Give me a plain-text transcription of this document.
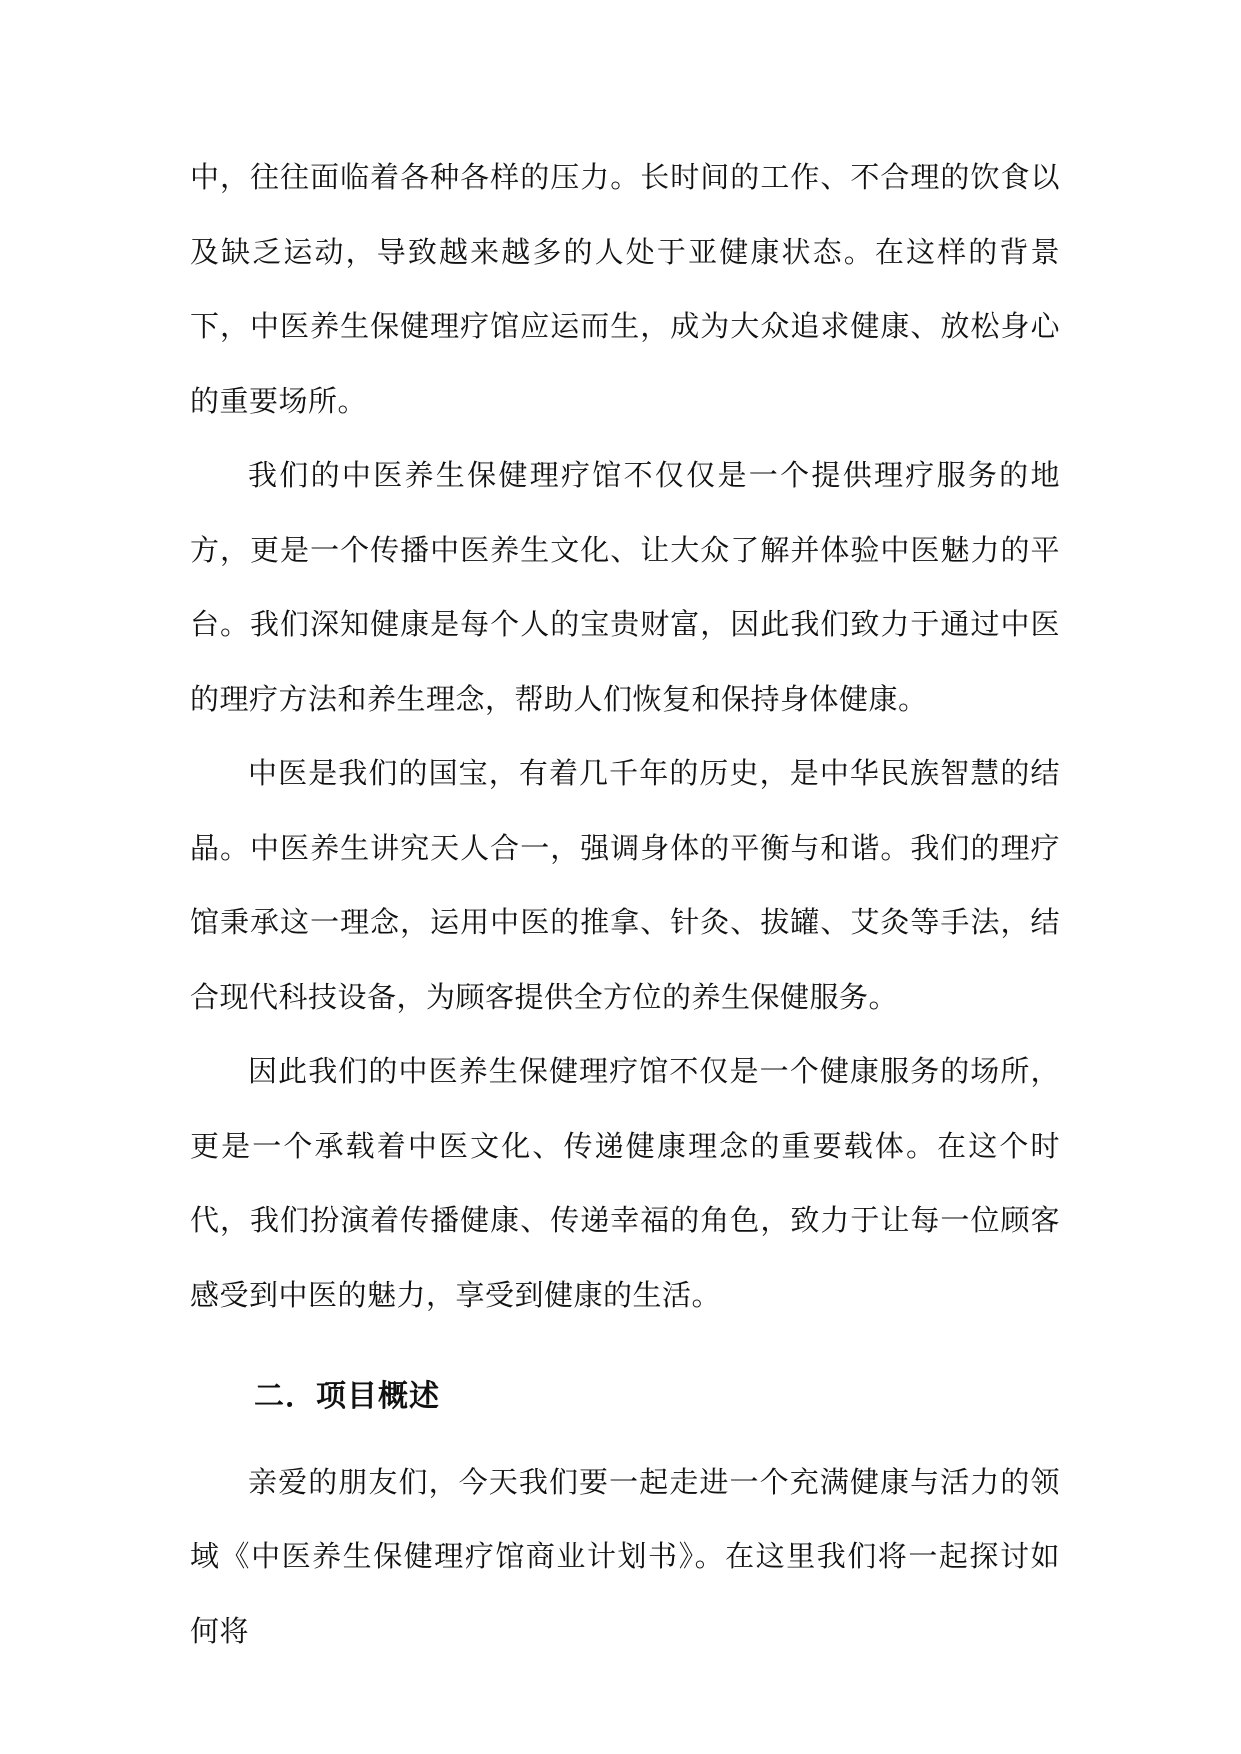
中，往往面临着各种各样的压力。长时间的工作、不合理的饮食以及缺乏运动，导致越来越多的人处于亚健康状态。在这样的背景下，中医养生保健理疗馆应运而生，成为大众追求健康、放松身心的重要场所。

我们的中医养生保健理疗馆不仅仅是一个提供理疗服务的地方，更是一个传播中医养生文化、让大众了解并体验中医魅力的平台。我们深知健康是每个人的宝贵财富，因此我们致力于通过中医的理疗方法和养生理念，帮助人们恢复和保持身体健康。

中医是我们的国宝，有着几千年的历史，是中华民族智慧的结晶。中医养生讲究天人合一，强调身体的平衡与和谐。我们的理疗馆秉承这一理念，运用中医的推拿、针灸、拔罐、艾灸等手法，结合现代科技设备，为顾客提供全方位的养生保健服务。

因此我们的中医养生保健理疗馆不仅是一个健康服务的场所，更是一个承载着中医文化、传递健康理念的重要载体。在这个时代，我们扮演着传播健康、传递幸福的角色，致力于让每一位顾客感受到中医的魅力，享受到健康的生活。

二．项目概述

亲爱的朋友们，今天我们要一起走进一个充满健康与活力的领域《中医养生保健理疗馆商业计划书》。在这里我们将一起探讨如何将
